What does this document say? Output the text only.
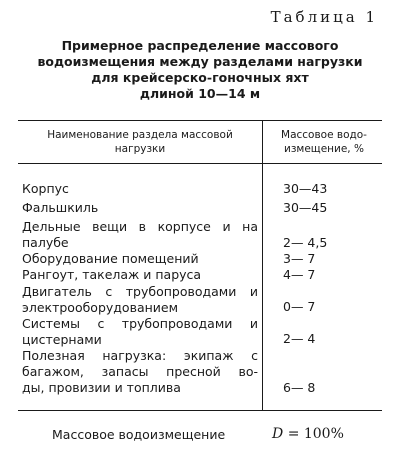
Таблица 1
Примерное распределение массового
водоизмещения между разделами нагрузки
для крейсерско-гоночных яхт
длиной 10—14 м
Наименование раздела массовой
нагрузки
Массовое водо-
измещение, %
Корпус	30—43
Фальшкиль	30—45
Дельные вещи в корпусе и на
палубе	2— 4,5
Оборудование помещений	3— 7
Рангоут, такелаж и паруса	4— 7
Двигатель с трубопроводами и
электрооборудованием	0— 7
Системы с трубопроводами и
цистернами	2— 4
Полезная нагрузка: экипаж с
багажом, запасы пресной во-
ды, провизии и топлива	6— 8
Массовое водоизмещение	D = 100%
